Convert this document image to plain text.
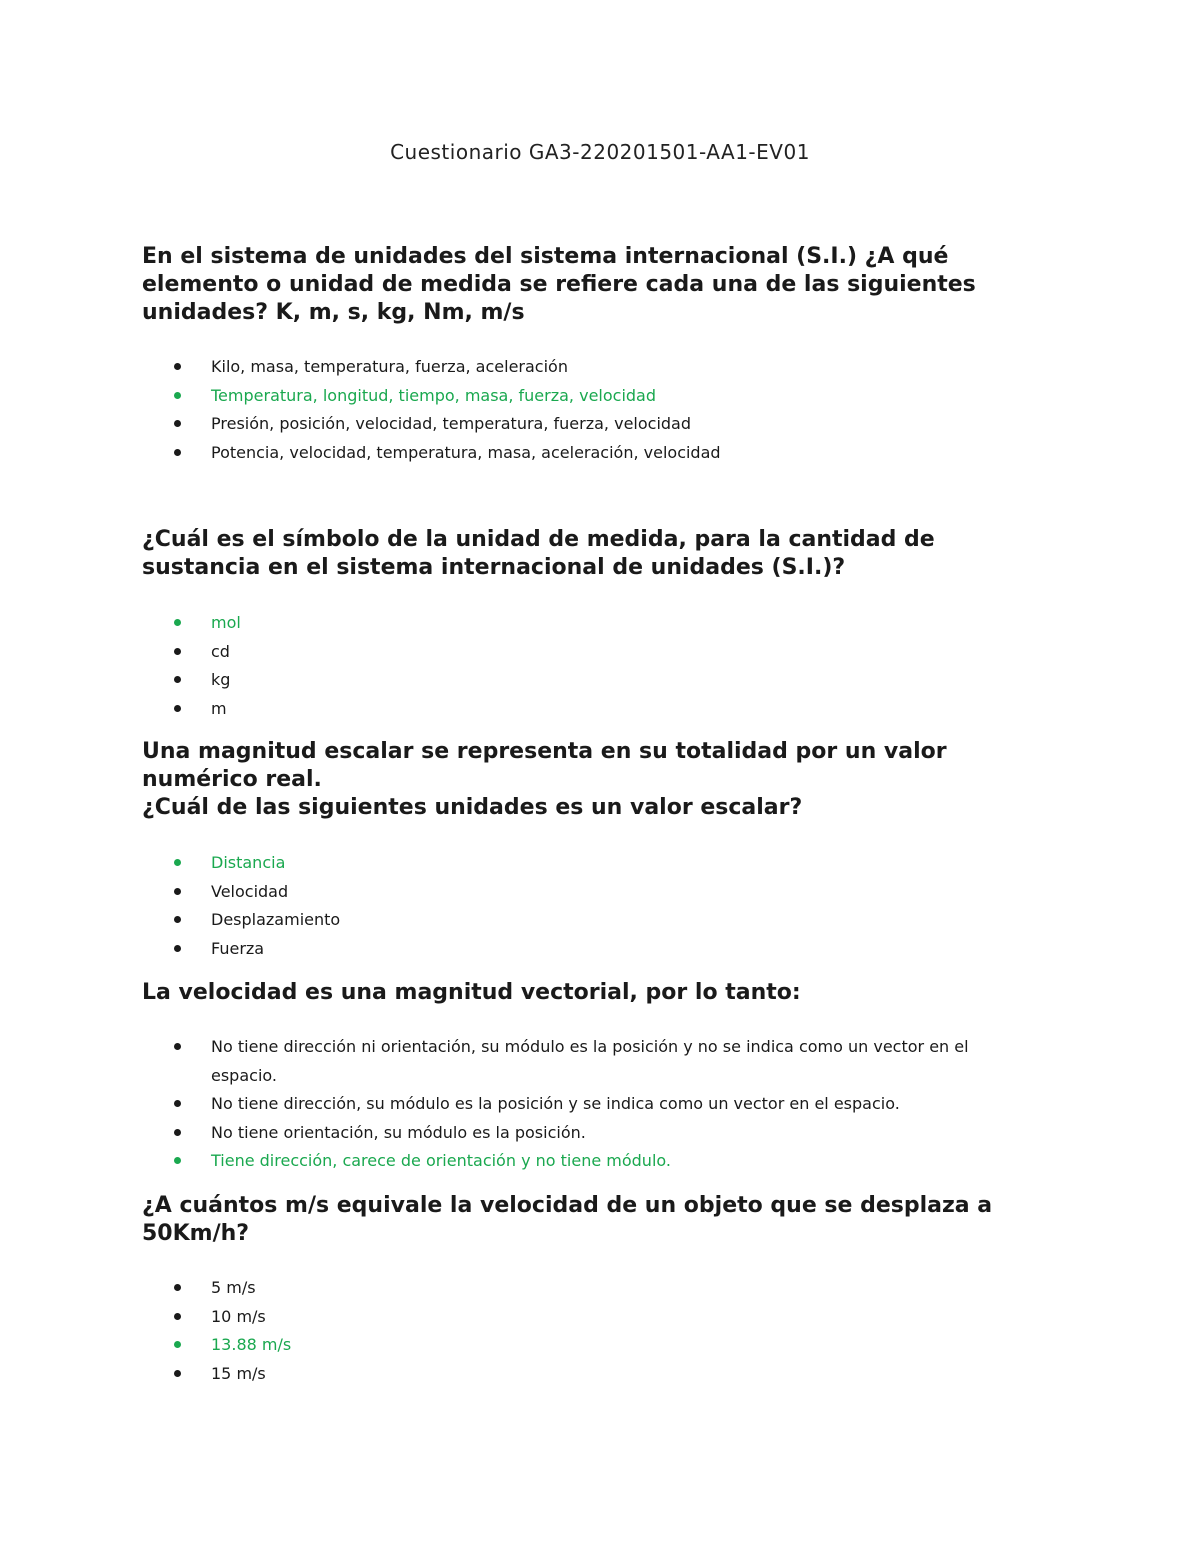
Cuestionario GA3-220201501-AA1-EV01
En el sistema de unidades del sistema internacional (S.I.) ¿A qué
elemento o unidad de medida se refiere cada una de las siguientes
unidades? K, m, s, kg, Nm, m/s
Kilo, masa, temperatura, fuerza, aceleración
Temperatura, longitud, tiempo, masa, fuerza, velocidad
Presión, posición, velocidad, temperatura, fuerza, velocidad
Potencia, velocidad, temperatura, masa, aceleración, velocidad
¿Cuál es el símbolo de la unidad de medida, para la cantidad de
sustancia en el sistema internacional de unidades (S.I.)?
mol
cd
kg
m
Una magnitud escalar se representa en su totalidad por un valor
numérico real.
¿Cuál de las siguientes unidades es un valor escalar?
Distancia
Velocidad
Desplazamiento
Fuerza
La velocidad es una magnitud vectorial, por lo tanto:
No tiene dirección ni orientación, su módulo es la posición y no se indica como un vector en el espacio.
No tiene dirección, su módulo es la posición y se indica como un vector en el espacio.
No tiene orientación, su módulo es la posición.
Tiene dirección, carece de orientación y no tiene módulo.
¿A cuántos m/s equivale la velocidad de un objeto que se desplaza a
50Km/h?
5 m/s
10 m/s
13.88 m/s
15 m/s
